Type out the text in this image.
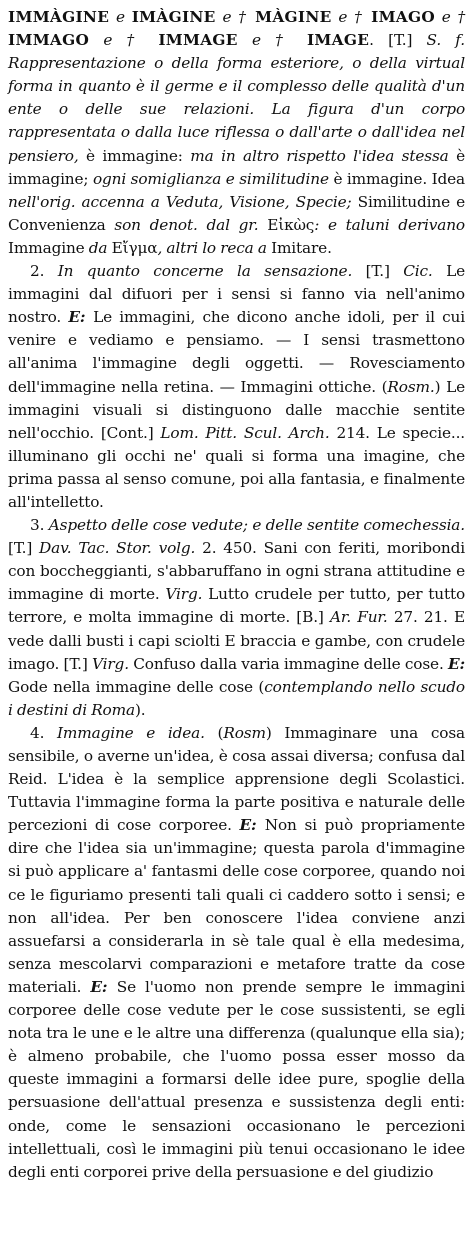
IMMÀGINE e IMÀGINE e † MÀGINE e † IMAGO e † IMMAGO e † IMMAGE e † IMAGE. [T.] S. f. Rappresentazione o della forma esteriore, o della virtual forma in quanto è il germe e il complesso delle qualità d'un ente o delle sue relazioni. La figura d'un corpo rappresentata o dalla luce riflessa o dall'arte o dall'idea nel pensiero, è immagine: ma in altro rispetto l'idea stessa è immagine; ogni somiglianza e similitudine è immagine. Idea nell'orig. accenna a Veduta, Visione, Specie; Similitudine e Convenienza son denot. dal gr. Εἰκὼς: e taluni derivano Immagine da Εἴγμα, altri lo reca a Imitare.

2. In quanto concerne la sensazione. [T.] Cic. Le immagini dal difuori per i sensi si fanno via nell'animo nostro. E: Le immagini, che dicono anche idoli, per il cui venire e vediamo e pensiamo. — I sensi trasmettono all'anima l'immagine degli oggetti. — Rovesciamento dell'immagine nella retina. — Immagini ottiche. (Rosm.) Le immagini visuali si distinguono dalle macchie sentite nell'occhio. [Cont.] Lom. Pitt. Scul. Arch. 214. Le specie... illuminano gli occhi ne' quali si forma una imagine, che prima passa al senso comune, poi alla fantasia, e finalmente all'intelletto.

3. Aspetto delle cose vedute; e delle sentite comechessia. [T.] Dav. Tac. Stor. volg. 2. 450. Sani con feriti, moribondi con boccheggianti, s'abbaruffano in ogni strana attitudine e immagine di morte. Virg. Lutto crudele per tutto, per tutto terrore, e molta immagine di morte. [B.] Ar. Fur. 27. 21. E vede dalli busti i capi sciolti E braccia e gambe, con crudele imago. [T.] Virg. Confuso dalla varia immagine delle cose. E: Gode nella immagine delle cose (contemplando nello scudo i destini di Roma).

4. Immagine e idea. (Rosm) Immaginare una cosa sensibile, o averne un'idea, è cosa assai diversa; confusa dal Reid. L'idea è la semplice apprensione degli Scolastici. Tuttavia l'immagine forma la parte positiva e naturale delle percezioni di cose corporee. E: Non si può propriamente dire che l'idea sia un'immagine; questa parola d'immagine si può applicare a' fantasmi delle cose corporee, quando noi ce le figuriamo presenti tali quali ci caddero sotto i sensi; e non all'idea. Per ben conoscere l'idea conviene anzi assuefarsi a considerarla in sè tale qual è ella medesima, senza mescolarvi comparazioni e metafore tratte da cose materiali. E: Se l'uomo non prende sempre le immagini corporee delle cose vedute per le cose sussistenti, se egli nota tra le une e le altre una differenza (qualunque ella sia); è almeno probabile, che l'uomo possa esser mosso da queste immagini a formarsi delle idee pure, spoglie della persuasione dell'attual presenza e sussistenza degli enti: onde, come le sensazioni occasionano le percezioni intellettuali, così le immagini più tenui occasionano le idee degli enti corporei prive della persuasione e del giudizio
